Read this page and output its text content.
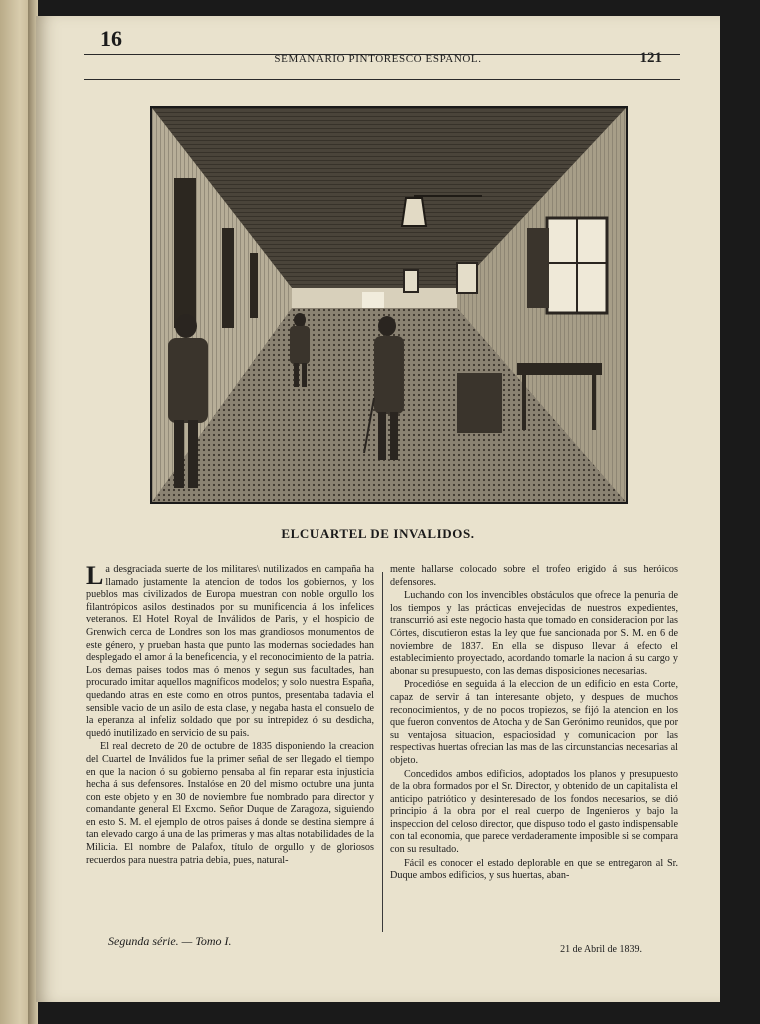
16
SEMANARIO PINTORESCO ESPANOL.	121
ELCUARTEL DE INVALIDOS.

La desgraciada suerte de los militares\ nutilizados en campaña ha llamado justamente la atencion de todos los gobiernos, y los pueblos mas civilizados de Europa muestran con noble orgullo los filantrópicos asilos destinados por su munificencia á los infelices veteranos. El Hotel Royal de Inválidos de Paris, y el hospicio de Grenwich cerca de Londres son los mas grandiosos monumentos de este género, y prueban hasta que punto las modernas sociedades han desplegado el amor á la beneficencia, y el reconocimiento de la patria. Los demas paises todos mas ó menos y segun sus facultades, han procurado imitar aquellos magníficos modelos; y solo nuestra España, quedando atras en este como en otros puntos, presentaba tadavia el sensible vacio de un asilo de esta clase, y negaba hasta el consuelo de la eperanza al infeliz soldado que por su intrepidez ó su desdicha, quedó inutilizado en servicio de su pais.

El real decreto de 20 de octubre de 1835 disponiendo la creacion del Cuartel de Inválidos fue la primer señal de ser llegado el tiempo en que la nacion ó su gobierno pensaba al fin reparar esta injusticia hecha á sus defensores. Instalóse en 20 del mismo octubre una junta con este objeto y en 30 de noviembre fue nombrado para director y comandante general El Excmo. Señor Duque de Zaragoza, siguiendo en esto S. M. el ejemplo de otros paises á donde se destina siempre á tan elevado cargo á una de las primeras y mas altas notabilidades de la Milicia. El nombre de Palafox, título de orgullo y de gloriosos recuerdos para nuestra patria debia, pues, natural-

mente hallarse colocado sobre el trofeo erigido á sus heróicos defensores.

Luchando con los invencibles obstáculos que ofrece la penuria de los tiempos y las prácticas envejecidas de nuestros expedientes, transcurrió asi este negocio hasta que tomado en consideracion por las Córtes, discutieron estas la ley que fue sancionada por S. M. en 6 de noviembre de 1837. En ella se dispuso llevar á efecto el establecimiento proyectado, acordando tomarle la nacion á su cargo y abonar su presupuesto, con las demas disposiciones necesarias.

Procedióse en seguida á la eleccion de un edificio en esta Corte, capaz de servir á tan interesante objeto, y despues de muchos reconocimientos, y de no pocos tropiezos, se fijó la atencion en los que fueron conventos de Atocha y de San Gerónimo reunidos, que por su ventajosa situacion, espaciosidad y comunicacion por las respectivas huertas ofrecian las mas de las circunstancias necesarias al objeto.

Concedidos ambos edificios, adoptados los planos y presupuesto de la obra formados por el Sr. Director, y obtenido de un capitalista el anticipo patriótico y desinteresado de los fondos necesarios, se dió principio á la obra por el real cuerpo de Ingenieros y bajo la inspeccion del celoso director, que dispuso todo el gasto indispensable con tal economia, que parece verdaderamente imposible si se compara con su resultado.

Fácil es conocer el estado deplorable en que se entregaron al Sr. Duque ambos edificios, y sus huertas, aban-

Segunda série. — Tomo I.
21 de Abril de 1839.
